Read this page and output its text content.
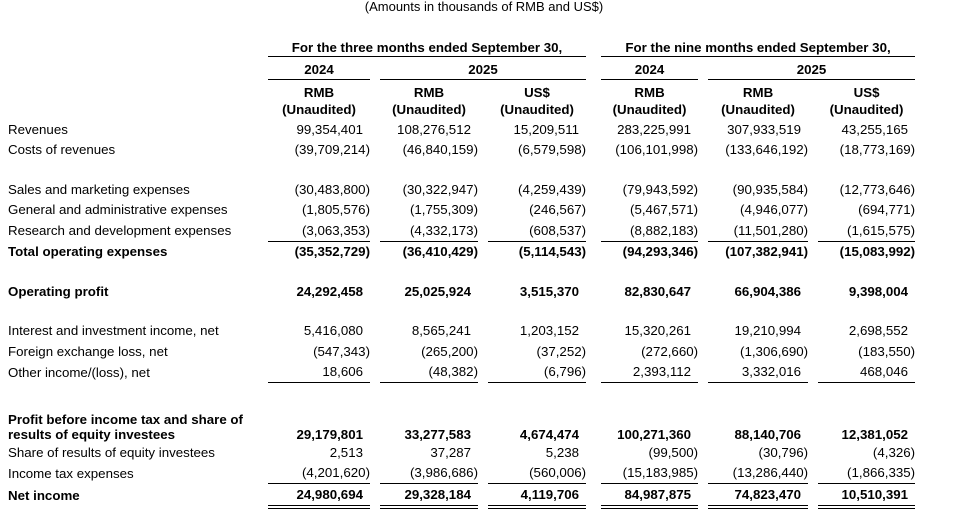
(Amounts in thousands of RMB and US$)
	For the three months ended September 30,						For the nine months ended September 30,				
	2024		2025				2024		2025		
	RMB		RMB		US$		RMB		RMB		US$
	(Unaudited)		(Unaudited)		(Unaudited)		(Unaudited)		(Unaudited)		(Unaudited)

Revenues	99,354,401		108,276,512		15,209,511		283,225,991		307,933,519		43,255,165

Costs of revenues	(39,709,214)		(46,840,159)		(6,579,598)		(106,101,998)		(133,646,192)		(18,773,169)

Sales and marketing expenses	(30,483,800)		(30,322,947)		(4,259,439)		(79,943,592)		(90,935,584)		(12,773,646)

General and administrative expenses	(1,805,576)		(1,755,309)		(246,567)		(5,467,571)		(4,946,077)		(694,771)

Research and development expenses	(3,063,353)		(4,332,173)		(608,537)		(8,882,183)		(11,501,280)		(1,615,575)

Total operating expenses	(35,352,729)		(36,410,429)		(5,114,543)		(94,293,346)		(107,382,941)		(15,083,992)

Operating profit	24,292,458		25,025,924		3,515,370		82,830,647		66,904,386		9,398,004

Interest and investment income, net	5,416,080		8,565,241		1,203,152		15,320,261		19,210,994		2,698,552

Foreign exchange loss, net	(547,343)		(265,200)		(37,252)		(272,660)		(1,306,690)		(183,550)

Other income/(loss), net	18,606		(48,382)		(6,796)		2,393,112		3,332,016		468,046

Profit before income tax and share of
results of equity investees	29,179,801		33,277,583		4,674,474		100,271,360		88,140,706		12,381,052

Share of results of equity investees	2,513		37,287		5,238		(99,500)		(30,796)		(4,326)

Income tax expenses	(4,201,620)		(3,986,686)		(560,006)		(15,183,985)		(13,286,440)		(1,866,335)

Net income	24,980,694		29,328,184		4,119,706		84,987,875		74,823,470		10,510,391
